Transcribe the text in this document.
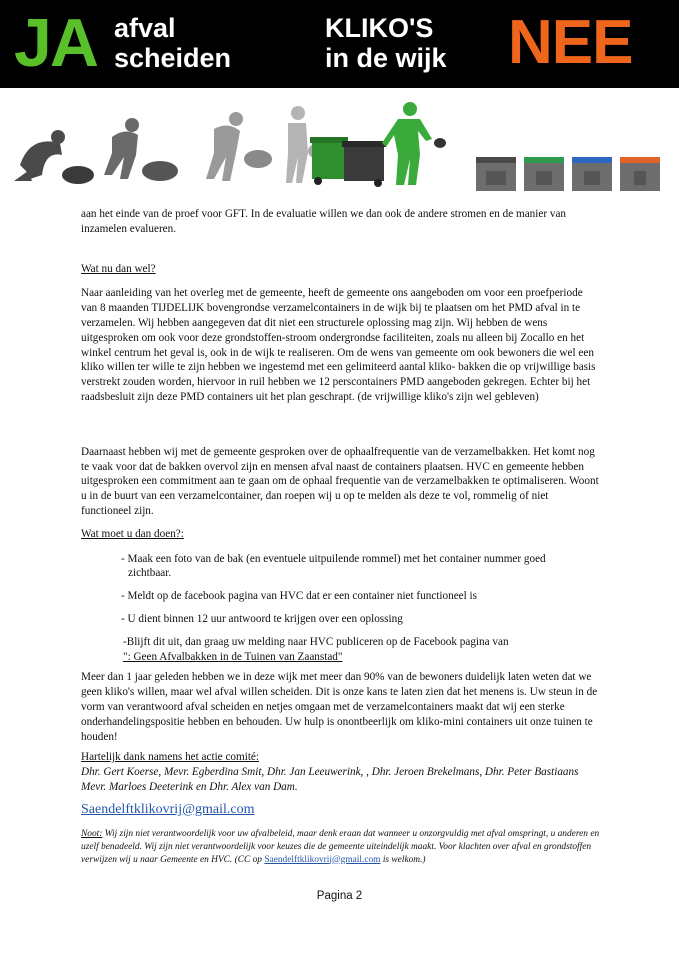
JA afval
scheiden
KLIKO'S
in de wijk NEE

aan het einde van de proef voor GFT. In de evaluatie willen we dan ook de andere stromen en de manier van inzamelen evalueren.

Wat nu dan wel?

Naar aanleiding van het overleg met de gemeente, heeft de gemeente ons aangeboden om voor een proefperiode van 8 maanden TIJDELIJK bovengrondse verzamelcontainers in de wijk bij te plaatsen om het PMD afval in te verzamelen. Wij hebben aangegeven dat dit niet een structurele oplossing mag zijn. Wij hebben de wens uitgesproken om ook voor deze grondstoffen-stroom ondergrondse faciliteiten, zoals nu alleen bij Zocallo en het winkel centrum het geval is, ook in de wijk te realiseren. Om de wens van gemeente om ook bewoners die wel een kliko willen ter wille te zijn hebben we ingestemd met een gelimiteerd aantal kliko- bakken die op vrijwillige basis verstrekt zouden worden, hiervoor in ruil hebben we 12 perscontainers PMD aangeboden gekregen. Echter bij het raadsbesluit zijn deze PMD containers uit het plan geschrapt. (de vrijwillige kliko's zijn wel gebleven)

Daarnaast hebben wij met de gemeente gesproken over de ophaalfrequentie van de verzamelbakken. Het komt nog te vaak voor dat de bakken overvol zijn en mensen afval naast de containers plaatsen. HVC en gemeente hebben uitgesproken een commitment aan te gaan om de ophaal frequentie van de verzamelbakken te optimaliseren. Woont u in de buurt van een verzamelcontainer, dan roepen wij u op te melden als deze te vol, rommelig of niet functioneel zijn.

Wat moet u dan doen?:

- Maak een foto van de bak (en eventuele uitpuilende rommel) met het container nummer goed

zichtbaar.

- Meldt op de facebook pagina van HVC dat er een container niet functioneel is

- U dient binnen 12 uur antwoord te krijgen over een oplossing

-Blijft dit uit, dan graag uw melding naar HVC publiceren op de Facebook pagina van

": Geen Afvalbakken in de Tuinen van Zaanstad"

Meer dan 1 jaar geleden hebben we in deze wijk met meer dan 90% van de bewoners duidelijk laten weten dat we geen kliko's willen, maar wel afval willen scheiden. Dit is onze kans te laten zien dat het menens is. Uw steun in de vorm van verantwoord afval scheiden en netjes omgaan met de verzamelcontainers maakt dat wij een sterke onderhandelingspositie hebben en behouden. Uw hulp is onontbeerlijk om kliko-mini containers uit onze tuinen te houden!

Hartelijk dank namens het actie comité:

Dhr. Gert Koerse, Mevr. Egberdina Smit, Dhr. Jan Leeuwerink, , Dhr. Jeroen Brekelmans, Dhr. Peter Bastiaans Mevr. Marloes Deeterink en Dhr. Alex van Dam.

Saendelftklikovrij@gmail.com

Noot: Wij zijn niet verantwoordelijk voor uw afvalbeleid, maar denk eraan dat wanneer u onzorgvuldig met afval omspringt, u anderen en uzelf benadeeld. Wij zijn niet verantwoordelijk voor keuzes die de gemeente uiteindelijk maakt. Voor klachten over afval en grondstoffen verwijzen wij u naar Gemeente en HVC. (CC op Saendelftklikovrij@gmail.com is welkom.)

Pagina 2
